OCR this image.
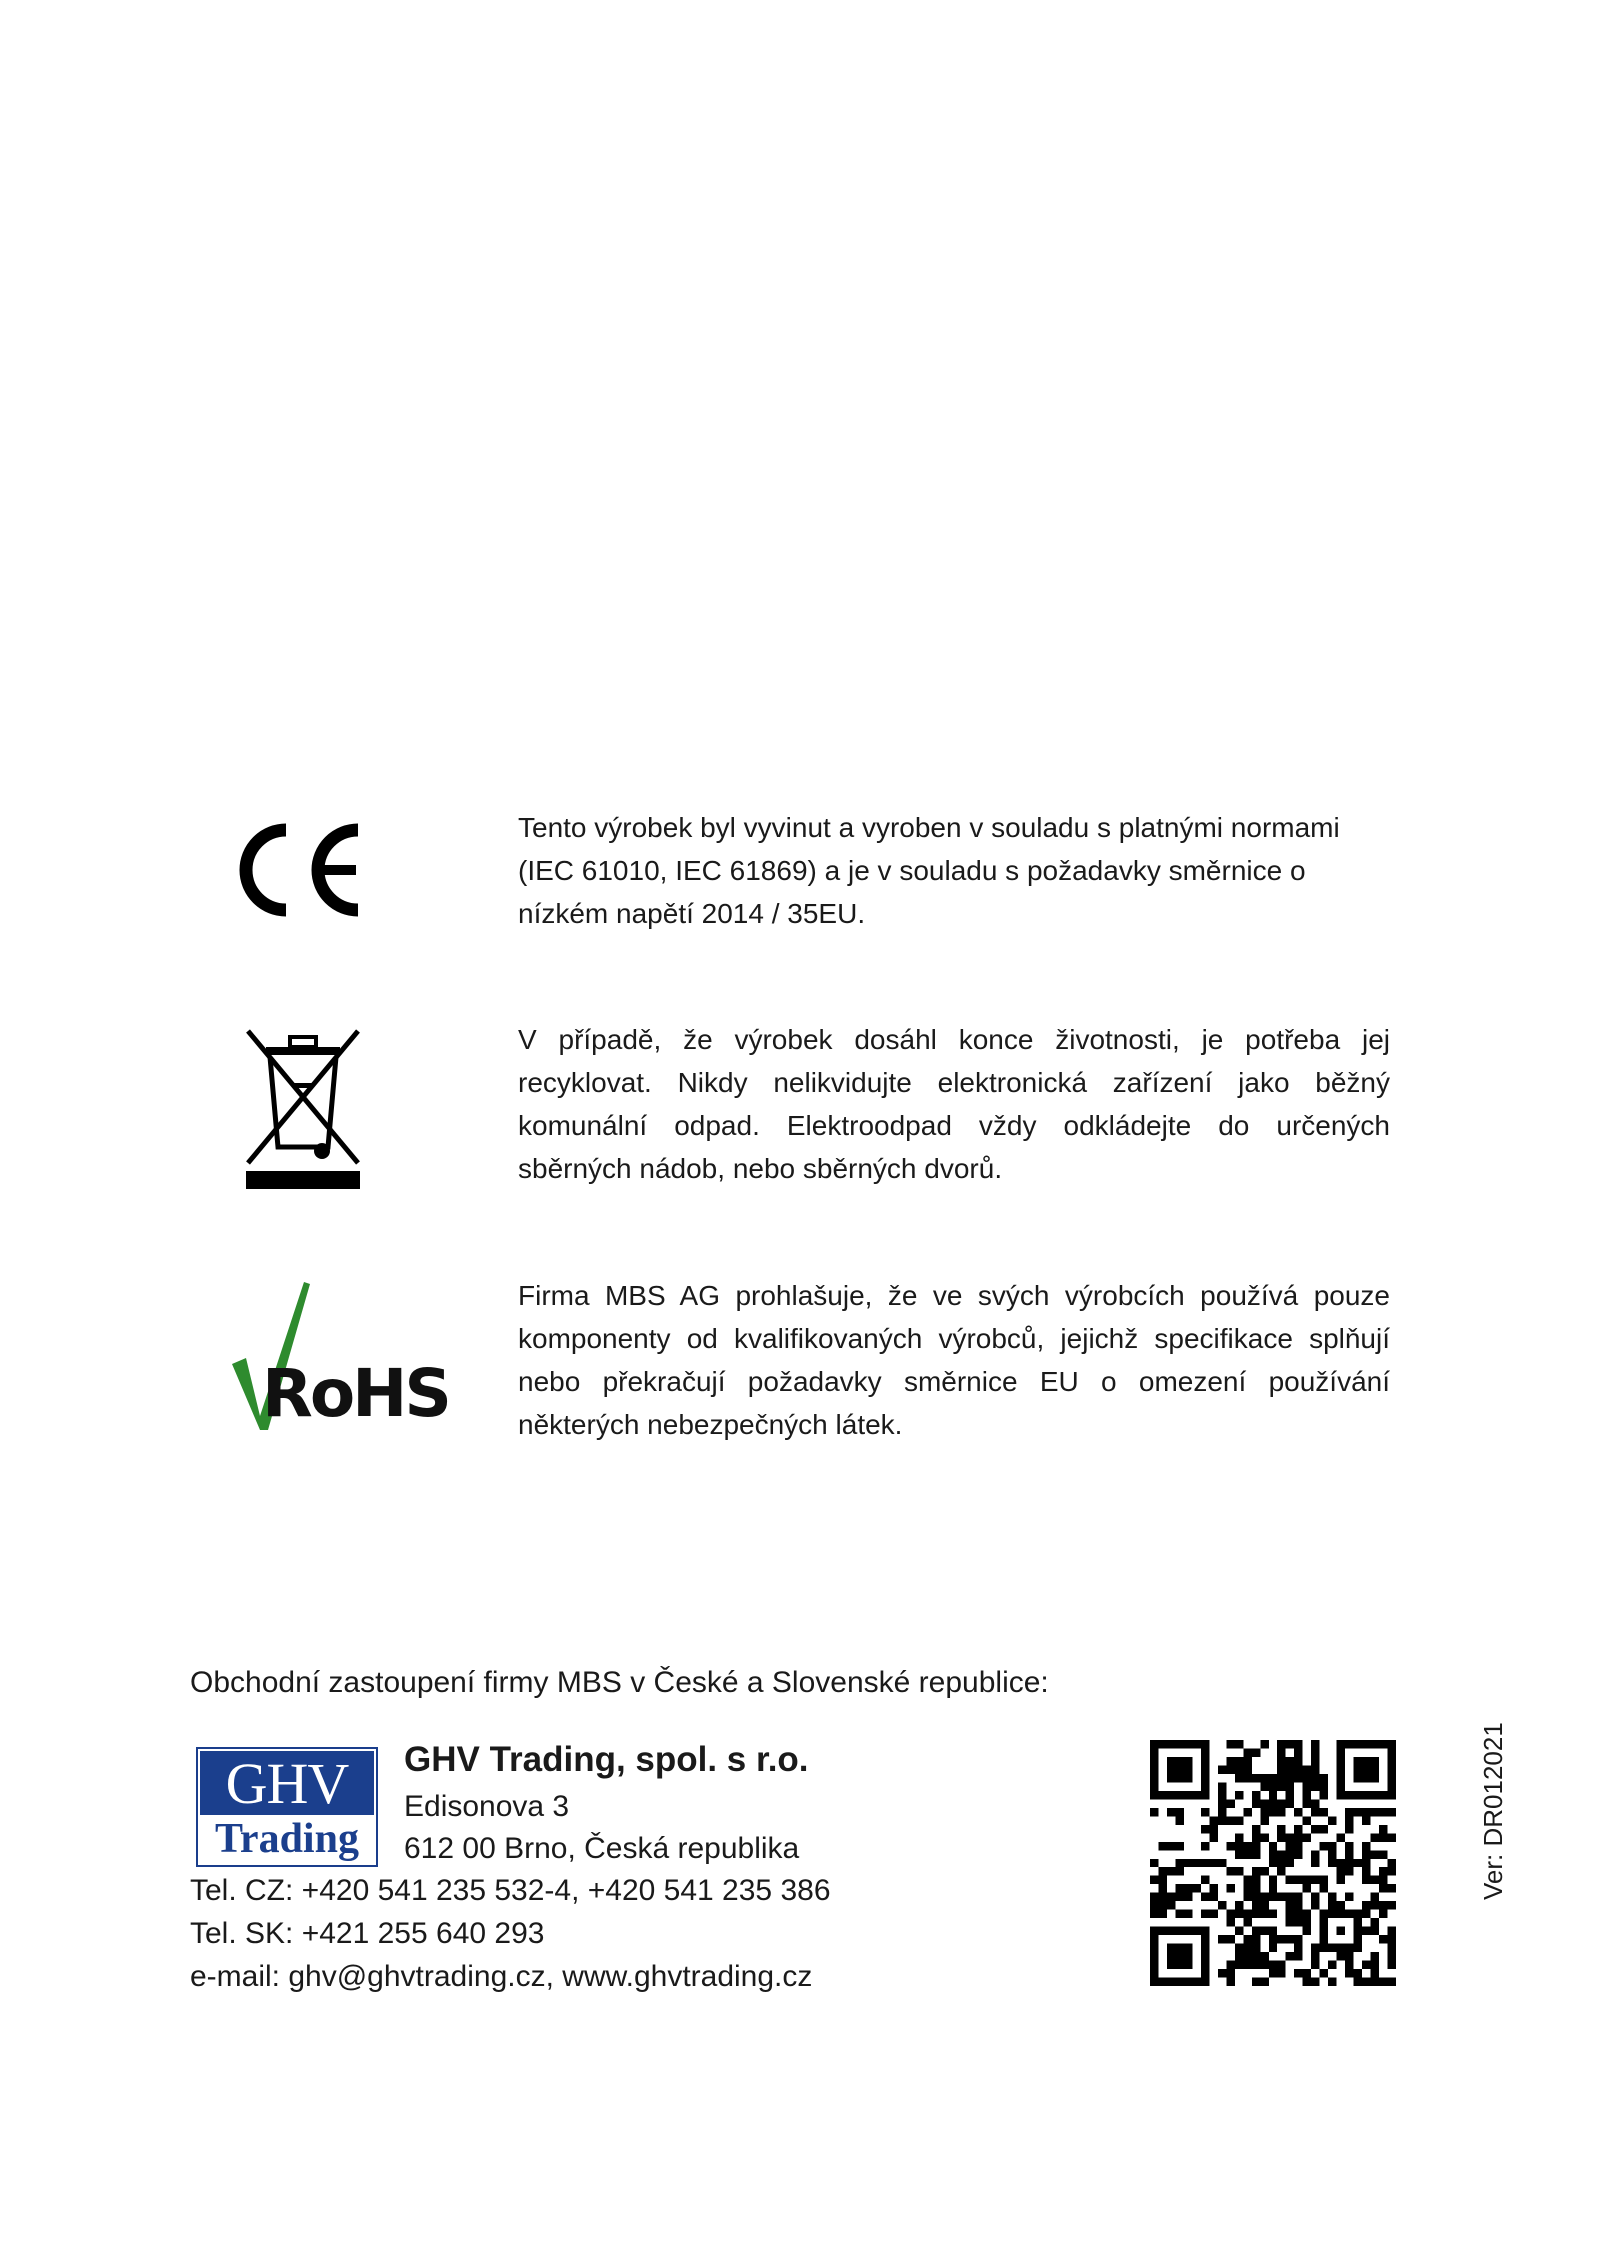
Tento výrobek byl vyvinut a vyroben v souladu s platnými normami (IEC 61010, IEC 61869) a je v souladu s požadavky směrnice o nízkém napětí 2014 / 35EU.
V případě, že výrobek dosáhl konce životnosti, je potřeba jej recyklovat. Nikdy nelikvidujte elektronická zařízení jako běžný komunální odpad. Elektroodpad vždy odkládejte do určených sběrných nádob, nebo sběrných dvorů.
RoHS
Firma MBS AG prohlašuje, že ve svých výrobcích používá pouze komponenty od kvalifikovaných výrobců, jejichž specifikace splňují nebo překračují požadavky směrnice EU o omezení používání některých nebezpečných látek.
Obchodní zastoupení firmy MBS v České a Slovenské republice:
GHV
Trading
GHV Trading, spol. s r.o.
Edisonova 3
612 00 Brno, Česká republika
Tel. CZ: +420 541 235 532-4, +420 541 235 386
Tel. SK: +421 255 640 293
e-mail: ghv@ghvtrading.cz, www.ghvtrading.cz
Ver: DR012021
